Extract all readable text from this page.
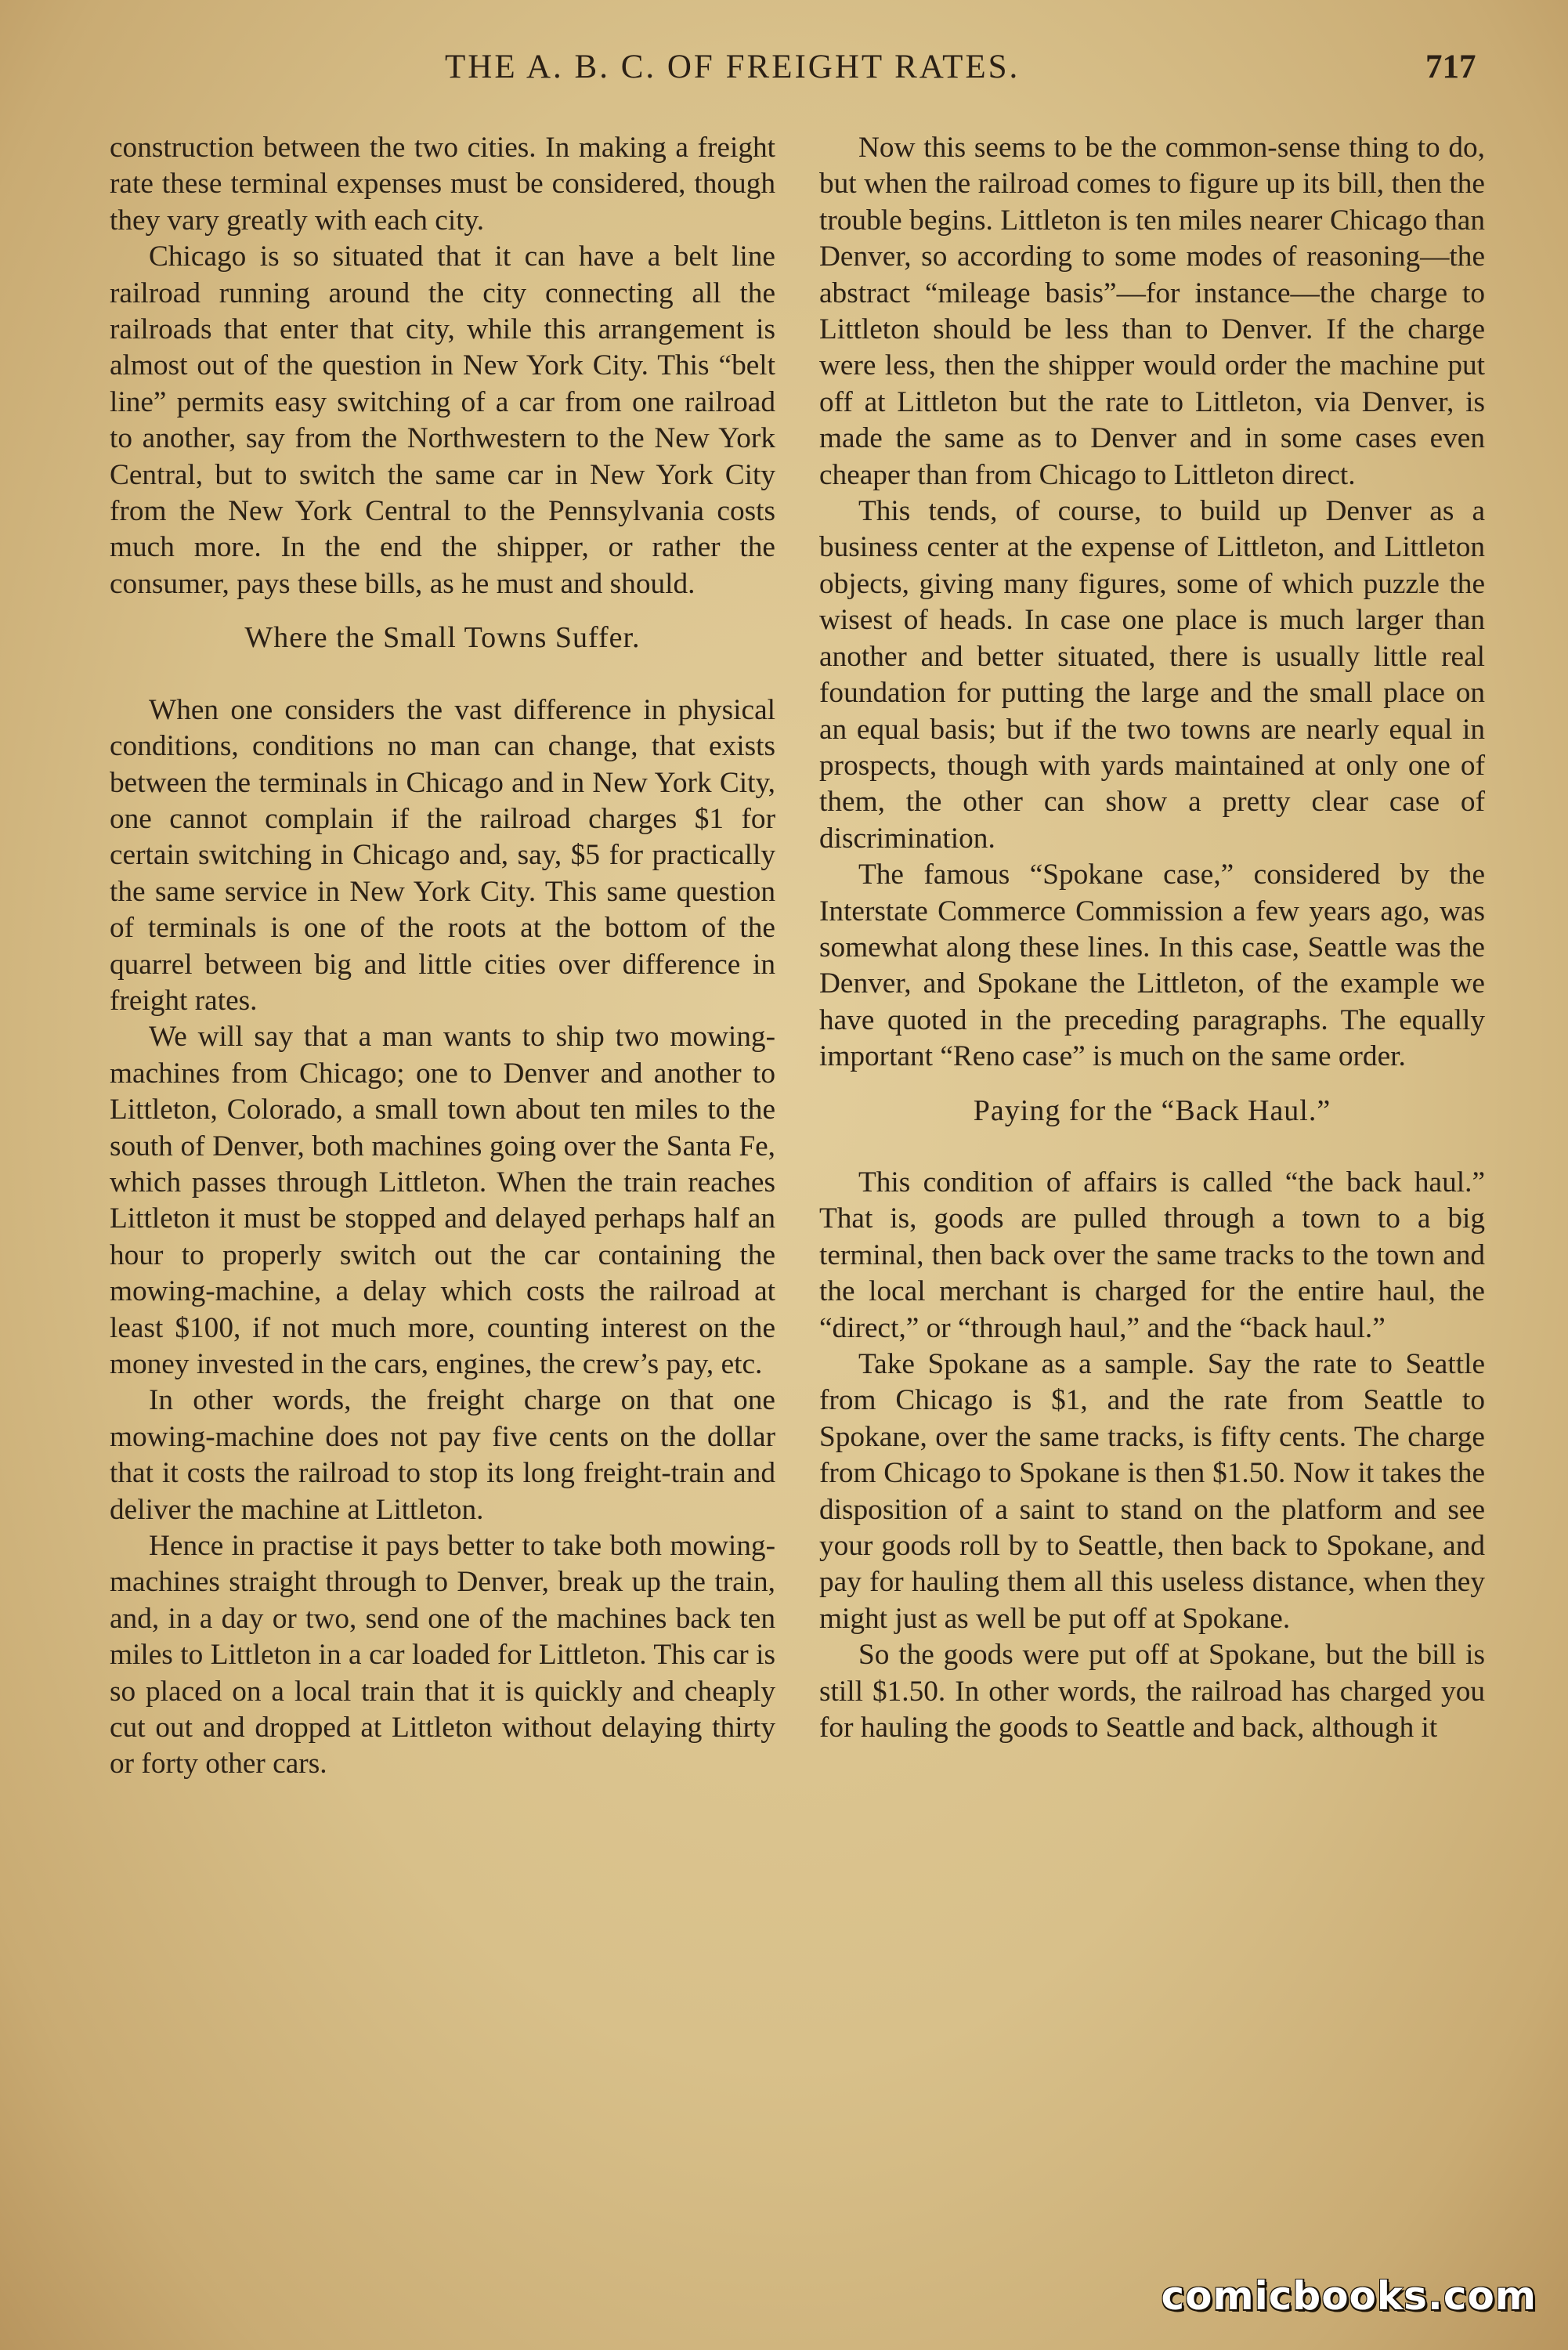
THE A. B. C. OF FREIGHT RATES.	717

construction between the two cities. In making a freight rate these terminal expenses must be considered, though they vary greatly with each city.

Chicago is so situated that it can have a belt line railroad running around the city connecting all the railroads that enter that city, while this arrangement is almost out of the question in New York City. This “belt line” permits easy switching of a car from one railroad to another, say from the Northwestern to the New York Central, but to switch the same car in New York City from the New York Central to the Pennsylvania costs much more. In the end the shipper, or rather the consumer, pays these bills, as he must and should.

Where the Small Towns Suffer.

When one considers the vast difference in physical conditions, conditions no man can change, that exists between the terminals in Chicago and in New York City, one cannot complain if the railroad charges $1 for certain switching in Chicago and, say, $5 for practically the same service in New York City. This same question of terminals is one of the roots at the bottom of the quarrel between big and little cities over difference in freight rates.

We will say that a man wants to ship two mowing-machines from Chicago; one to Denver and another to Littleton, Colorado, a small town about ten miles to the south of Denver, both machines going over the Santa Fe, which passes through Littleton. When the train reaches Littleton it must be stopped and delayed perhaps half an hour to properly switch out the car containing the mowing-machine, a delay which costs the railroad at least $100, if not much more, counting interest on the money invested in the cars, engines, the crew’s pay, etc.

In other words, the freight charge on that one mowing-machine does not pay five cents on the dollar that it costs the railroad to stop its long freight-train and deliver the machine at Littleton.

Hence in practise it pays better to take both mowing-machines straight through to Denver, break up the train, and, in a day or two, send one of the machines back ten miles to Littleton in a car loaded for Littleton. This car is so placed on a local train that it is quickly and cheaply cut out and dropped at Littleton without delaying thirty or forty other cars.

Now this seems to be the common-sense thing to do, but when the railroad comes to figure up its bill, then the trouble begins. Littleton is ten miles nearer Chicago than Denver, so according to some modes of reasoning—the abstract “mileage basis”—for instance—the charge to Littleton should be less than to Denver. If the charge were less, then the shipper would order the machine put off at Littleton but the rate to Littleton, via Denver, is made the same as to Denver and in some cases even cheaper than from Chicago to Littleton direct.

This tends, of course, to build up Denver as a business center at the expense of Littleton, and Littleton objects, giving many figures, some of which puzzle the wisest of heads. In case one place is much larger than another and better situated, there is usually little real foundation for putting the large and the small place on an equal basis; but if the two towns are nearly equal in prospects, though with yards maintained at only one of them, the other can show a pretty clear case of discrimination.

The famous “Spokane case,” considered by the Interstate Commerce Commission a few years ago, was somewhat along these lines. In this case, Seattle was the Denver, and Spokane the Littleton, of the example we have quoted in the preceding paragraphs. The equally important “Reno case” is much on the same order.

Paying for the “Back Haul.”

This condition of affairs is called “the back haul.” That is, goods are pulled through a town to a big terminal, then back over the same tracks to the town and the local merchant is charged for the entire haul, the “direct,” or “through haul,” and the “back haul.”

Take Spokane as a sample. Say the rate to Seattle from Chicago is $1, and the rate from Seattle to Spokane, over the same tracks, is fifty cents. The charge from Chicago to Spokane is then $1.50. Now it takes the disposition of a saint to stand on the platform and see your goods roll by to Seattle, then back to Spokane, and pay for hauling them all this useless distance, when they might just as well be put off at Spokane.

So the goods were put off at Spokane, but the bill is still $1.50. In other words, the railroad has charged you for hauling the goods to Seattle and back, although it

comicbooks.com
